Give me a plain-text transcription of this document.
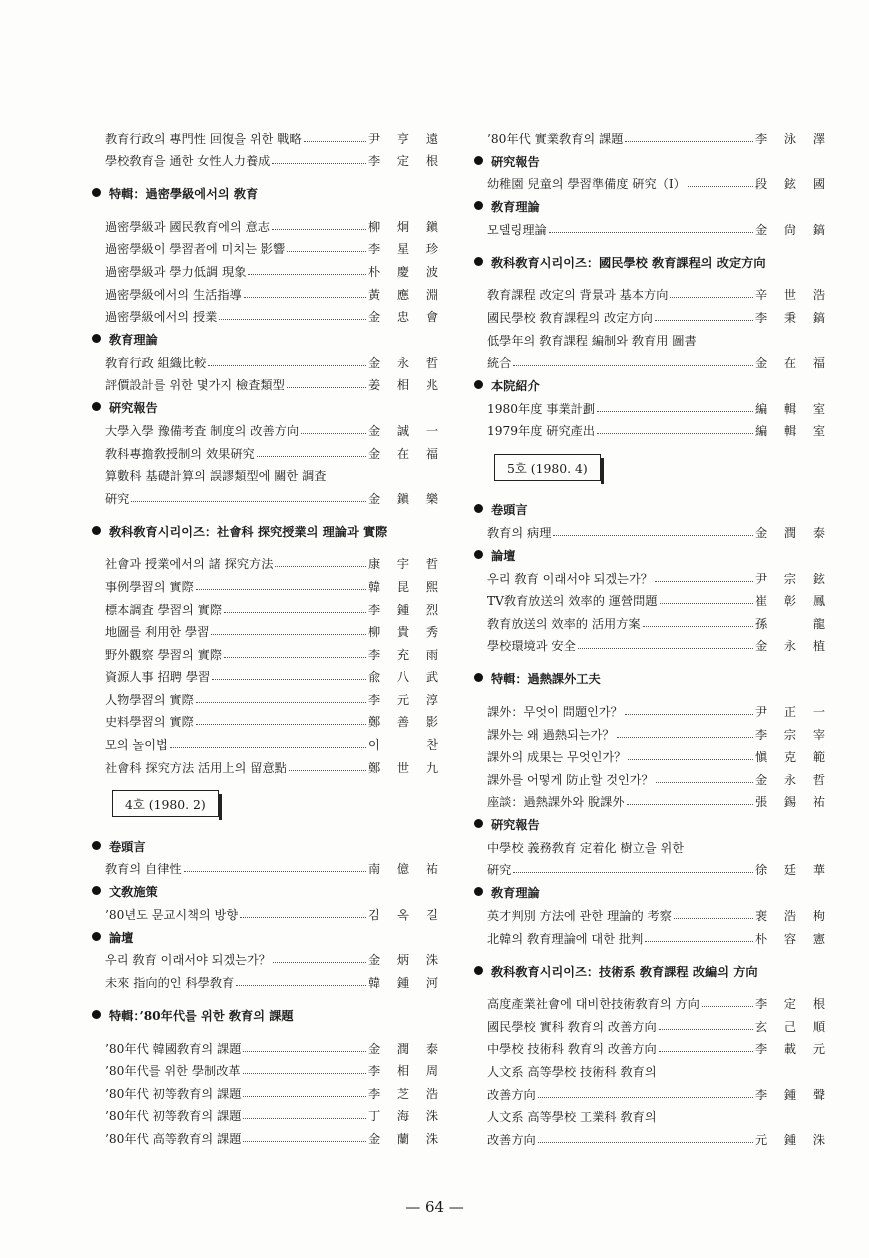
教育行政의 專門性 回復을 위한 戰略	尹 亨 遠
學校敎育을 通한 女性人力養成	李 定 根
特輯：過密學級에서의 敎育
過密學級과 國民敎育에의 意志	柳 炯 鎭
過密學級이 學習者에 미치는 影響	李 星 珍
過密學級과 學力低調 現象	朴 慶 波
過密學級에서의 生活指導	黃 應 淵
過密學級에서의 授業	金 忠 會
敎育理論
敎育行政 組織比較	金 永 哲
評價設計를 위한 몇가지 檢査類型	姜 相 兆
硏究報告
大學入學 豫備考査 制度의 改善方向	金 誠 一
敎科專擔敎授制의 效果硏究	金 在 福
算數科 基礎計算의 誤謬類型에 關한 調査
硏究	金 鎭 樂
敎科敎育시리이즈：社會科 探究授業의 理論과 實際
社會과 授業에서의 諸 探究方法	康 宇 哲
事例學習의 實際	韓 昆 熙
標本調査 學習의 實際	李 鍾 烈
地圖를 利用한 學習	柳 貴 秀
野外觀察 學習의 實際	李 充 雨
資源人事 招聘 學習	兪 八 武
人物學習의 實際	李 元 淳
史料學習의 實際	鄭 善 影
모의 놀이법	이	찬
社會科 探究方法 活用上의 留意點	鄭 世 九
4호 (1980. 2)
卷頭言
敎育의 自律性	南 億 祐
文敎施策
’80년도 문교시책의 방향	김 옥 길
論壇
우리 敎育 이래서야 되겠는가？	金 炳 洙
未來 指向的인 科學敎育	韓 鍾 河
特輯：’80年代를 위한 敎育의 課題
’80年代 韓國敎育의 課題	金 潤 泰
’80年代를 위한 學制改革	李 相 周
’80年代 初等敎育의 課題	李 芝 浩
’80年代 初等敎育의 課題	丁 海 洙
’80年代 高等敎育의 課題	金 蘭 洙
’80年代 實業敎育의 課題	李 泳 澤
硏究報告
幼稚園 兒童의 學習準備度 硏究（Ⅰ）	段 鉉 國
敎育理論
모델링理論	金 尙 鎬
敎科敎育시리이즈：國民學校 敎育課程의 改定方向
敎育課程 改定의 背景과 基本方向	辛 世 浩
國民學校 敎育課程의 改定方向	李 秉 鎬
低學年의 敎育課程 編制와 敎育用 圖書
統合	金 在 福
本院紹介
1980年度 事業計劃	編 輯 室
1979年度 硏究產出	編 輯 室
5호 (1980. 4)
卷頭言
敎育의 病理	金 潤 泰
論壇
우리 敎育 이래서야 되겠는가？	尹 宗 鉉
TV敎育放送의 效率的 運營問題	崔 彰 鳳
敎育放送의 效率的 活用方案	孫	龍
學校環境과 安全	金 永 植
特輯：過熱課外工夫
課外：무엇이 問題인가？	尹 正 一
課外는 왜 過熱되는가？	李 宗 宰
課外의 成果는 무엇인가？	愼 克 範
課外를 어떻게 防止할 것인가？	金 永 哲
座談：過熱課外와 脫課外	張 錫 祐
硏究報告
中學校 義務敎育 定着化 樹立을 위한
硏究	徐 廷 華
敎育理論
英才判別 方法에 관한 理論的 考察	裵 浩 枸
北韓의 敎育理論에 대한 批判	朴 容 憲
敎科敎育시리이즈：技術系 敎育課程 改編의 方向
高度產業社會에 대비한技術敎育의 方向	李 定 根
國民學校 實科 敎育의 改善方向	玄 己 順
中學校 技術科 敎育의 改善方向	李 載 元
人文系 高等學校 技術科 敎育의
改善方向	李 鍾 聲
人文系 高等學校 工業科 敎育의
改善方向	元 鍾 洙
— 64 —
